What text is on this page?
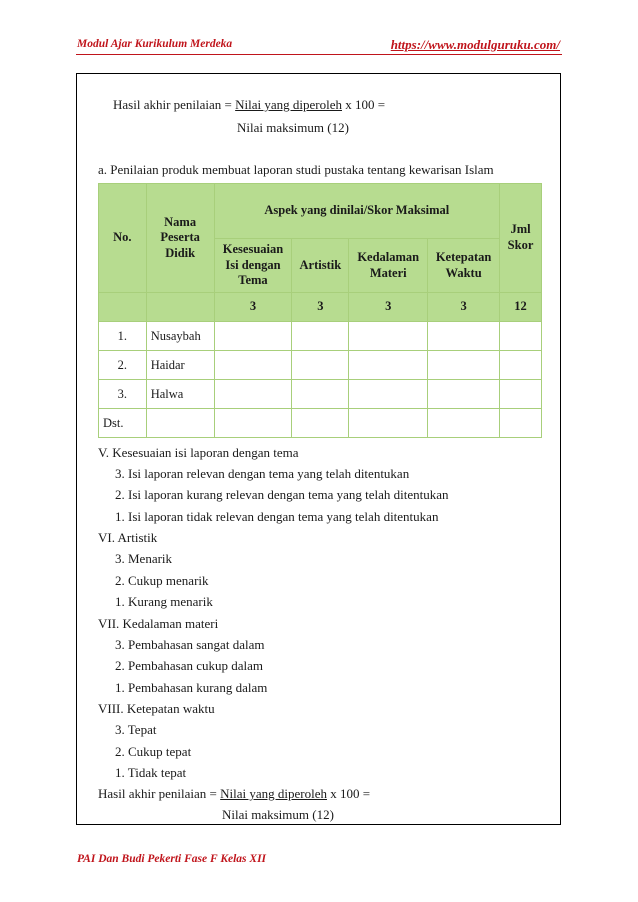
Modul Ajar Kurikulum Merdeka	https://www.modulguruku.com/
Hasil akhir penilaian = Nilai yang diperoleh x 100 =
Nilai maksimum (12)
a. Penilaian produk membuat laporan studi pustaka tentang kewarisan Islam
No.	Nama Peserta Didik	Aspek yang dinilai/Skor Maksimal				Jml Skor
		Kesesuaian Isi dengan Tema	Artistik	Kedalaman Materi	Ketepatan Waktu	
		3	3	3	3	12
1.	Nusaybah					
2.	Haidar					
3.	Halwa					
Dst.						
V. Kesesuaian isi laporan dengan tema
3. Isi laporan relevan dengan tema yang telah ditentukan
2. Isi laporan kurang relevan dengan tema yang telah ditentukan
1. Isi laporan tidak relevan dengan tema yang telah ditentukan
VI. Artistik
3. Menarik
2. Cukup menarik
1. Kurang menarik
VII. Kedalaman materi
3. Pembahasan sangat dalam
2. Pembahasan cukup dalam
1. Pembahasan kurang dalam
VIII. Ketepatan waktu
3. Tepat
2. Cukup tepat
1. Tidak tepat
Hasil akhir penilaian = Nilai yang diperoleh x 100 =
Nilai maksimum (12)
PAI Dan Budi Pekerti Fase F Kelas XII
